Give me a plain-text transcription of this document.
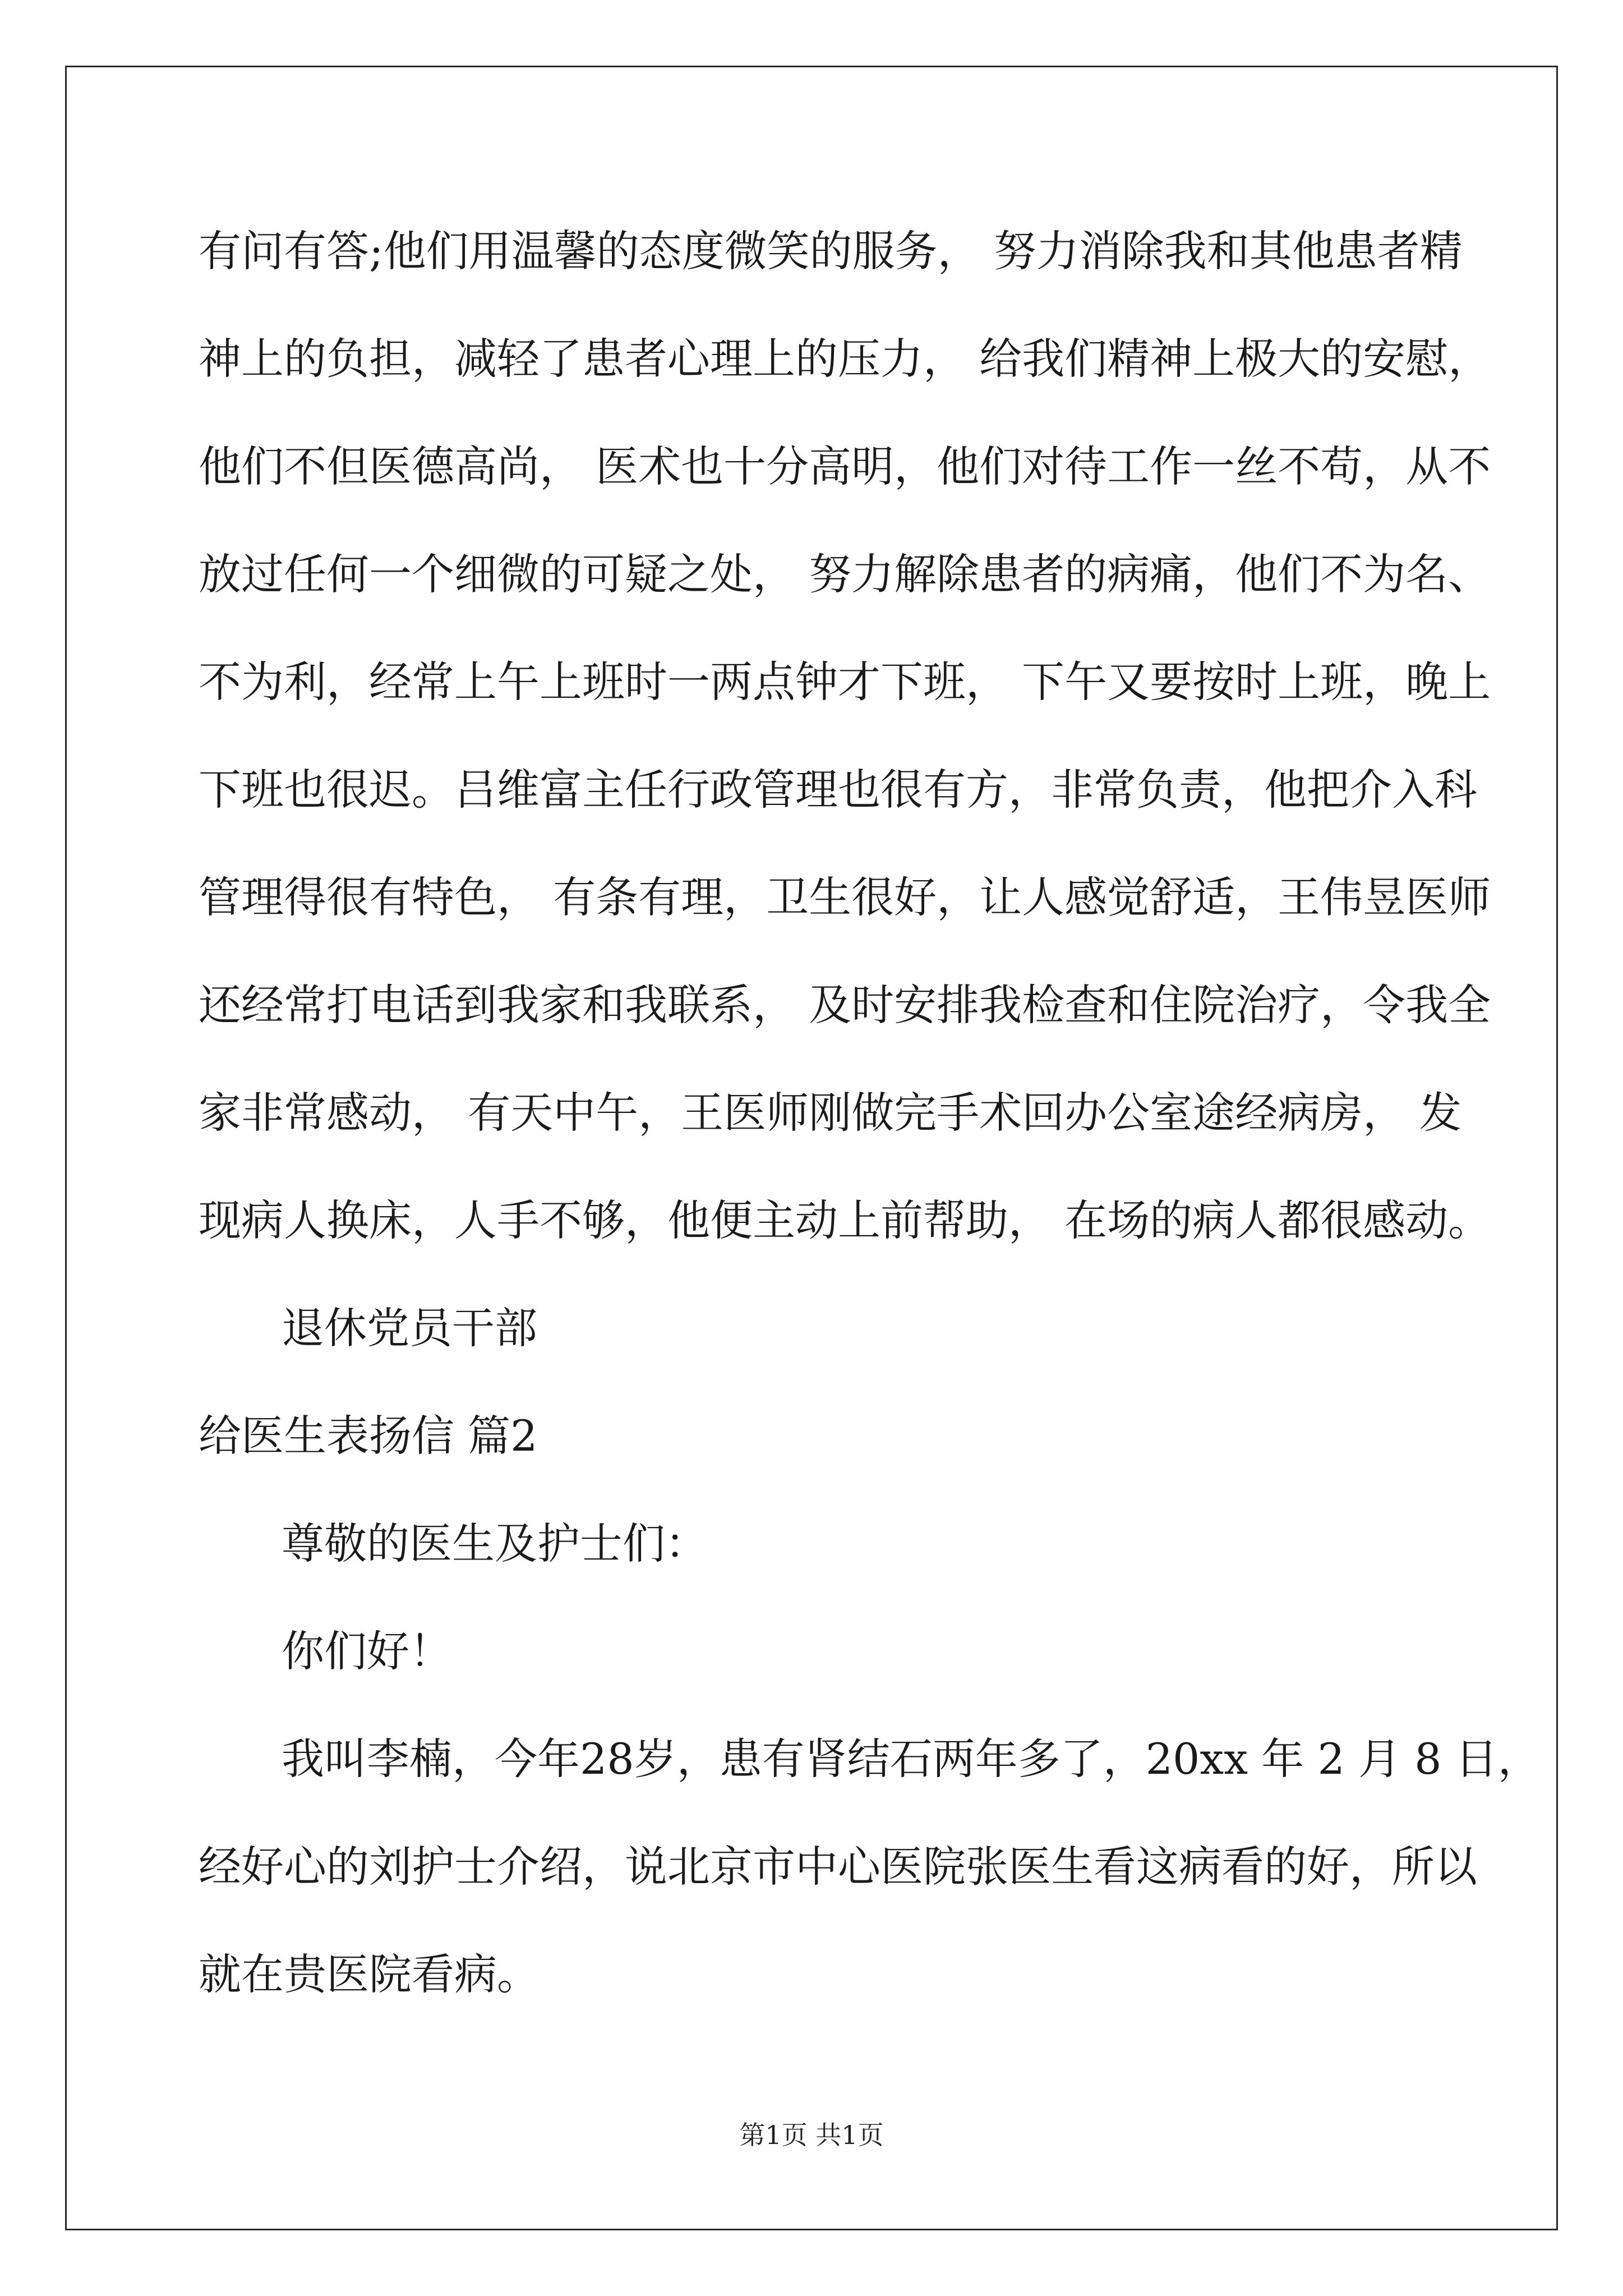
有问有答;他们用温馨的态度微笑的服务， 努力消除我和其他患者精
神上的负担，减轻了患者心理上的压力， 给我们精神上极大的安慰，
他们不但医德高尚， 医术也十分高明，他们对待工作一丝不苟，从不
放过任何一个细微的可疑之处， 努力解除患者的病痛，他们不为名、
不为利，经常上午上班时一两点钟才下班， 下午又要按时上班，晚上
下班也很迟。吕维富主任行政管理也很有方，非常负责，他把介入科
管理得很有特色， 有条有理，卫生很好，让人感觉舒适，王伟昱医师
还经常打电话到我家和我联系， 及时安排我检查和住院治疗，令我全
家非常感动， 有天中午，王医师刚做完手术回办公室途经病房， 发
现病人换床，人手不够，他便主动上前帮助， 在场的病人都很感动。
退休党员干部
给医生表扬信 篇2
尊敬的医生及护士们：
你们好！
我叫李楠，今年28岁，患有肾结石两年多了，20xx 年 2 月 8 日，
经好心的刘护士介绍，说北京市中心医院张医生看这病看的好，所以
就在贵医院看病。
第1页 共1页
